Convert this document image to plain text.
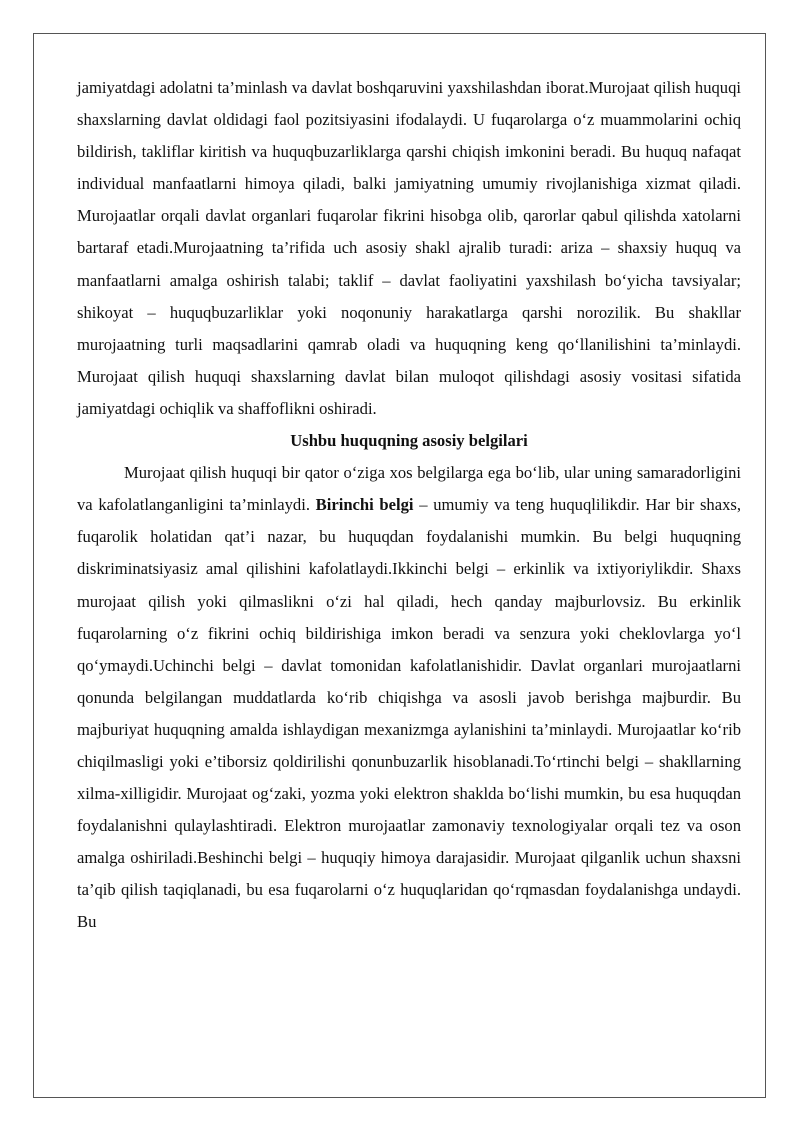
jamiyatdagi adolatni ta’minlash va davlat boshqaruvini yaxshilashdan iborat.Murojaat qilish huquqi shaxslarning davlat oldidagi faol pozitsiyasini ifodalaydi. U fuqarolarga o‘z muammolarini ochiq bildirish, takliflar kiritish va huquqbuzarliklarga qarshi chiqish imkonini beradi. Bu huquq nafaqat individual manfaatlarni himoya qiladi, balki jamiyatning umumiy rivojlanishiga xizmat qiladi. Murojaatlar orqali davlat organlari fuqarolar fikrini hisobga olib, qarorlar qabul qilishda xatolarni bartaraf etadi.Murojaatning ta’rifida uch asosiy shakl ajralib turadi: ariza – shaxsiy huquq va manfaatlarni amalga oshirish talabi; taklif – davlat faoliyatini yaxshilash bo‘yicha tavsiyalar; shikoyat – huquqbuzarliklar yoki noqonuniy harakatlarga qarshi norozilik. Bu shakllar murojaatning turli maqsadlarini qamrab oladi va huquqning keng qo‘llanilishini ta’minlaydi. Murojaat qilish huquqi shaxslarning davlat bilan muloqot qilishdagi asosiy vositasi sifatida jamiyatdagi ochiqlik va shaffoflikni oshiradi.

Ushbu huquqning asosiy belgilari

Murojaat qilish huquqi bir qator o‘ziga xos belgilarga ega bo‘lib, ular uning samaradorligini va kafolatlanganligini ta’minlaydi. Birinchi belgi – umumiy va teng huquqlilikdir. Har bir shaxs, fuqarolik holatidan qat’i nazar, bu huquqdan foydalanishi mumkin. Bu belgi huquqning diskriminatsiyasiz amal qilishini kafolatlaydi.Ikkinchi belgi – erkinlik va ixtiyoriylikdir. Shaxs murojaat qilish yoki qilmaslikni o‘zi hal qiladi, hech qanday majburlovsiz. Bu erkinlik fuqarolarning o‘z fikrini ochiq bildirishiga imkon beradi va senzura yoki cheklovlarga yo‘l qo‘ymaydi.Uchinchi belgi – davlat tomonidan kafolatlanishidir. Davlat organlari murojaatlarni qonunda belgilangan muddatlarda ko‘rib chiqishga va asosli javob berishga majburdir. Bu majburiyat huquqning amalda ishlaydigan mexanizmga aylanishini ta’minlaydi. Murojaatlar ko‘rib chiqilmasligi yoki e’tiborsiz qoldirilishi qonunbuzarlik hisoblanadi.To‘rtinchi belgi – shakllarning xilma-xilligidir. Murojaat og‘zaki, yozma yoki elektron shaklda bo‘lishi mumkin, bu esa huquqdan foydalanishni qulaylashtiradi. Elektron murojaatlar zamonaviy texnologiyalar orqali tez va oson amalga oshiriladi.Beshinchi belgi – huquqiy himoya darajasidir. Murojaat qilganlik uchun shaxsni ta’qib qilish taqiqlanadi, bu esa fuqarolarni o‘z huquqlaridan qo‘rqmasdan foydalanishga undaydi. Bu
